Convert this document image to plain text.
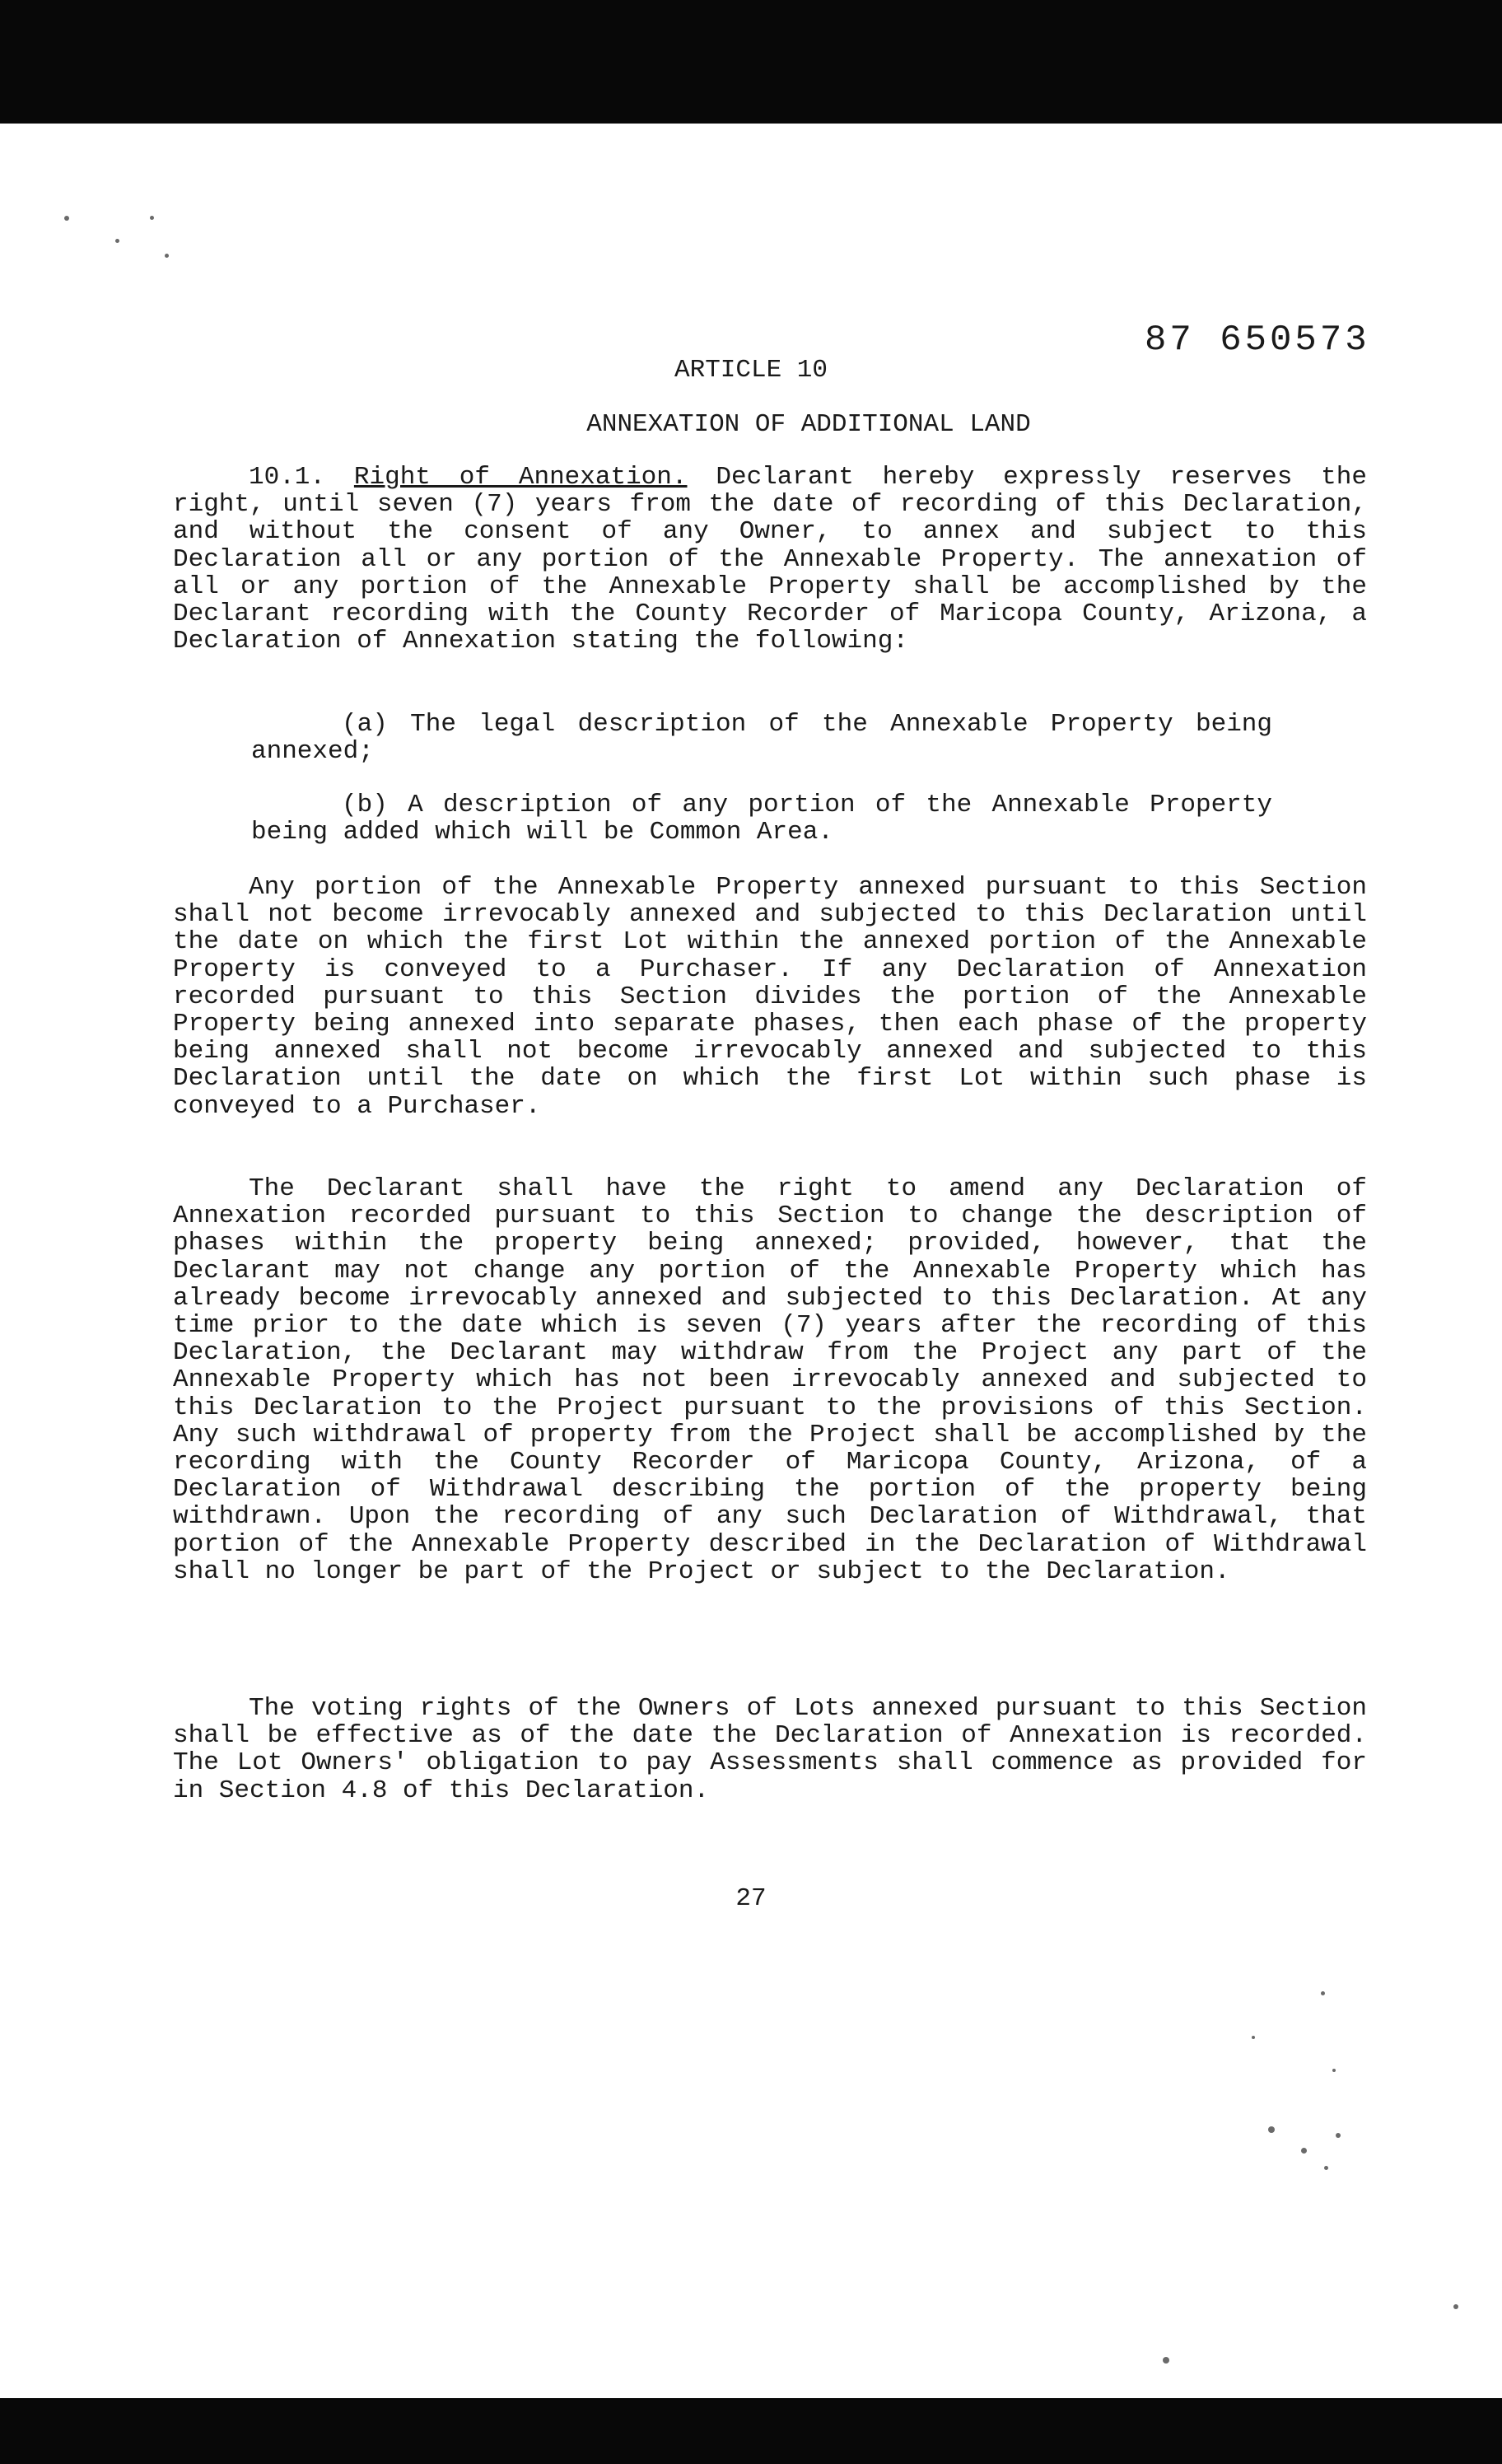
87 650573
ARTICLE 10
ANNEXATION OF ADDITIONAL LAND
10.1. Right of Annexation. Declarant hereby expressly reserves the right, until seven (7) years from the date of recording of this Declaration, and without the consent of any Owner, to annex and subject to this Declaration all or any portion of the Annexable Property. The annexation of all or any portion of the Annexable Property shall be accomplished by the Declarant recording with the County Recorder of Maricopa County, Arizona, a Declaration of Annexation stating the following:
(a) The legal description of the Annexable Property being annexed;
(b) A description of any portion of the Annexable Property being added which will be Common Area.
Any portion of the Annexable Property annexed pursuant to this Section shall not become irrevocably annexed and subjected to this Declaration until the date on which the first Lot within the annexed portion of the Annexable Property is conveyed to a Purchaser. If any Declaration of Annexation recorded pursuant to this Section divides the portion of the Annexable Property being annexed into separate phases, then each phase of the property being annexed shall not become irrevocably annexed and subjected to this Declaration until the date on which the first Lot within such phase is conveyed to a Purchaser.
The Declarant shall have the right to amend any Declaration of Annexation recorded pursuant to this Section to change the description of phases within the property being annexed; provided, however, that the Declarant may not change any portion of the Annexable Property which has already become irrevocably annexed and subjected to this Declaration. At any time prior to the date which is seven (7) years after the recording of this Declaration, the Declarant may withdraw from the Project any part of the Annexable Property which has not been irrevocably annexed and subjected to this Declaration to the Project pursuant to the provisions of this Section. Any such withdrawal of property from the Project shall be accomplished by the recording with the County Recorder of Maricopa County, Arizona, of a Declaration of Withdrawal describing the portion of the property being withdrawn. Upon the recording of any such Declaration of Withdrawal, that portion of the Annexable Property described in the Declaration of Withdrawal shall no longer be part of the Project or subject to the Declaration.
The voting rights of the Owners of Lots annexed pursuant to this Section shall be effective as of the date the Declaration of Annexation is recorded. The Lot Owners' obligation to pay Assessments shall commence as provided for in Section 4.8 of this Declaration.
27
